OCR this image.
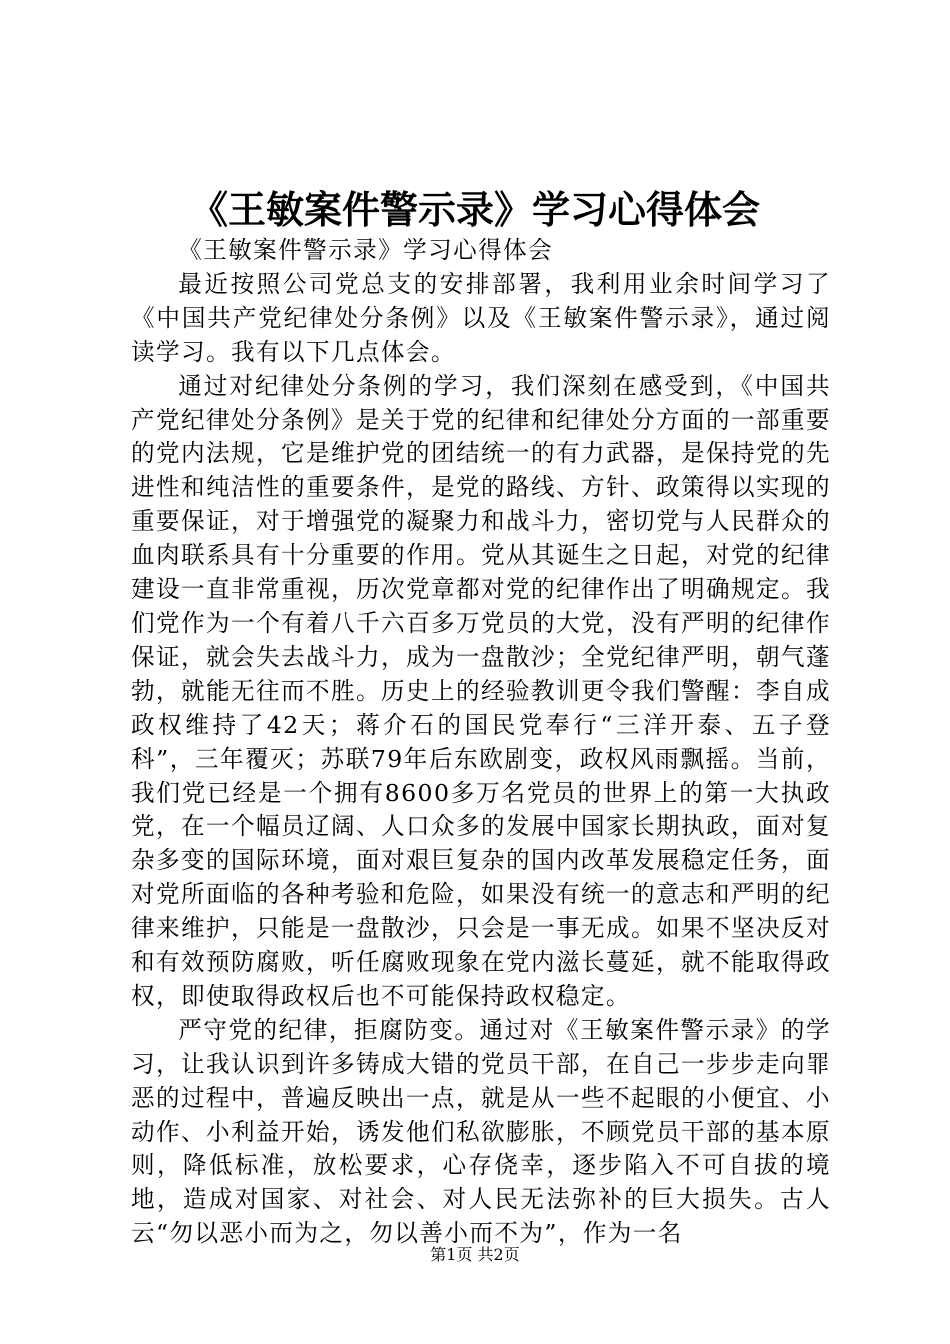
《王敏案件警示录》学习心得体会

《王敏案件警示录》学习心得体会

最近按照公司党总支的安排部署，我利用业余时间学习了《中国共产党纪律处分条例》以及《王敏案件警示录》，通过阅读学习。我有以下几点体会。

通过对纪律处分条例的学习，我们深刻在感受到，《中国共产党纪律处分条例》是关于党的纪律和纪律处分方面的一部重要的党内法规，它是维护党的团结统一的有力武器，是保持党的先进性和纯洁性的重要条件，是党的路线、方针、政策得以实现的重要保证，对于增强党的凝聚力和战斗力，密切党与人民群众的血肉联系具有十分重要的作用。党从其诞生之日起，对党的纪律建设一直非常重视，历次党章都对党的纪律作出了明确规定。我们党作为一个有着八千六百多万党员的大党，没有严明的纪律作保证，就会失去战斗力，成为一盘散沙；全党纪律严明，朝气蓬勃，就能无往而不胜。历史上的经验教训更令我们警醒：李自成政权维持了42天；蒋介石的国民党奉行“三洋开泰、五子登科”，三年覆灭；苏联79年后东欧剧变，政权风雨飘摇。当前，我们党已经是一个拥有8600多万名党员的世界上的第一大执政党，在一个幅员辽阔、人口众多的发展中国家长期执政，面对复杂多变的国际环境，面对艰巨复杂的国内改革发展稳定任务，面对党所面临的各种考验和危险，如果没有统一的意志和严明的纪律来维护，只能是一盘散沙，只会是一事无成。如果不坚决反对和有效预防腐败，听任腐败现象在党内滋长蔓延，就不能取得政权，即使取得政权后也不可能保持政权稳定。

严守党的纪律，拒腐防变。通过对《王敏案件警示录》的学习，让我认识到许多铸成大错的党员干部，在自己一步步走向罪恶的过程中，普遍反映出一点，就是从一些不起眼的小便宜、小动作、小利益开始，诱发他们私欲膨胀，不顾党员干部的基本原则，降低标准，放松要求，心存侥幸，逐步陷入不可自拔的境地，造成对国家、对社会、对人民无法弥补的巨大损失。古人云“勿以恶小而为之，勿以善小而不为”，作为一名

第1页 共2页
